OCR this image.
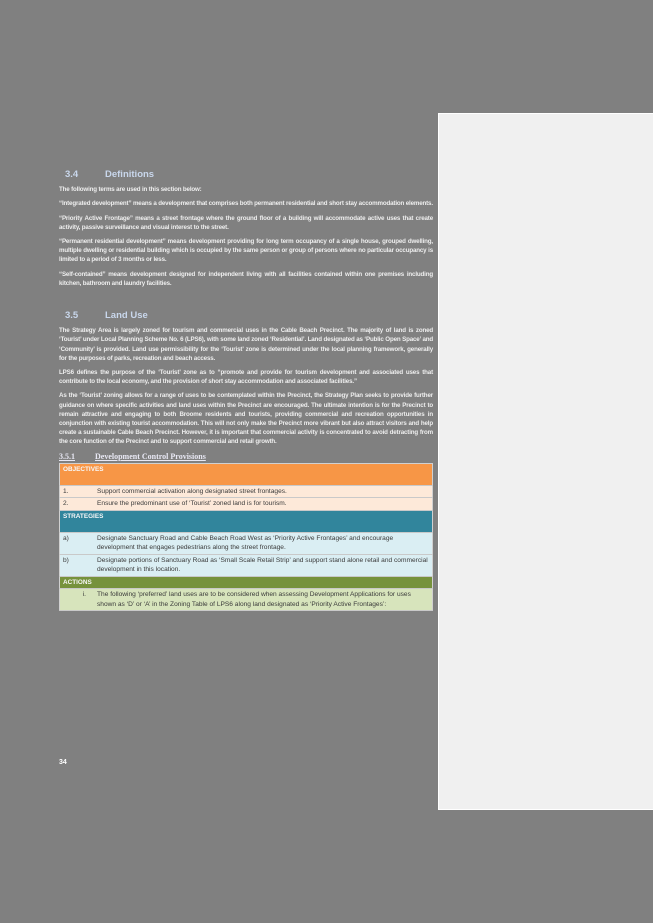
3.4	Definitions

The following terms are used in this section below:

“Integrated development” means a development that comprises both permanent residential and short stay accommodation elements.

“Priority Active Frontage” means a street frontage where the ground floor of a building will accommodate active uses that create activity, passive surveillance and visual interest to the street.

“Permanent residential development” means development providing for long term occupancy of a single house, grouped dwelling, multiple dwelling or residential building which is occupied by the same person or group of persons where no particular occupancy is limited to a period of 3 months or less.

“Self-contained” means development designed for independent living with all facilities contained within one premises including kitchen, bathroom and laundry facilities.

3.5	Land Use

The Strategy Area is largely zoned for tourism and commercial uses in the Cable Beach Precinct. The majority of land is zoned ‘Tourist’ under Local Planning Scheme No. 6 (LPS6), with some land zoned ‘Residential’. Land designated as ‘Public Open Space’ and ‘Community’ is provided. Land use permissibility for the ‘Tourist’ zone is determined under the local planning framework, generally for the purposes of parks, recreation and beach access.

LPS6 defines the purpose of the ‘Tourist’ zone as to “promote and provide for tourism development and associated uses that contribute to the local economy, and the provision of short stay accommodation and associated facilities.”

As the ‘Tourist’ zoning allows for a range of uses to be contemplated within the Precinct, the Strategy Plan seeks to provide further guidance on where specific activities and land uses within the Precinct are encouraged. The ultimate intention is for the Precinct to remain attractive and engaging to both Broome residents and tourists, providing commercial and recreation opportunities in conjunction with existing tourist accommodation. This will not only make the Precinct more vibrant but also attract visitors and help create a sustainable Cable Beach Precinct. However, it is important that commercial activity is concentrated to avoid detracting from the core function of the Precinct and to support commercial and retail growth.

3.5.1	Development Control Provisions
OBJECTIVES	
1.	Support commercial activation along designated street frontages.
2.	Ensure the predominant use of ‘Tourist’ zoned land is for tourism.
STRATEGIES	
a)	Designate Sanctuary Road and Cable Beach Road West as ‘Priority Active Frontages’ and encourage development that engages pedestrians along the street frontage.
b)	Designate portions of Sanctuary Road as ‘Small Scale Retail Strip’ and support stand alone retail and commercial development in this location.
ACTIONS	
i.	The following ‘preferred’ land uses are to be considered when assessing Development Applications for uses shown as ‘D’ or ‘A’ in the Zoning Table of LPS6 along land designated as ‘Priority Active Frontages’:
34
